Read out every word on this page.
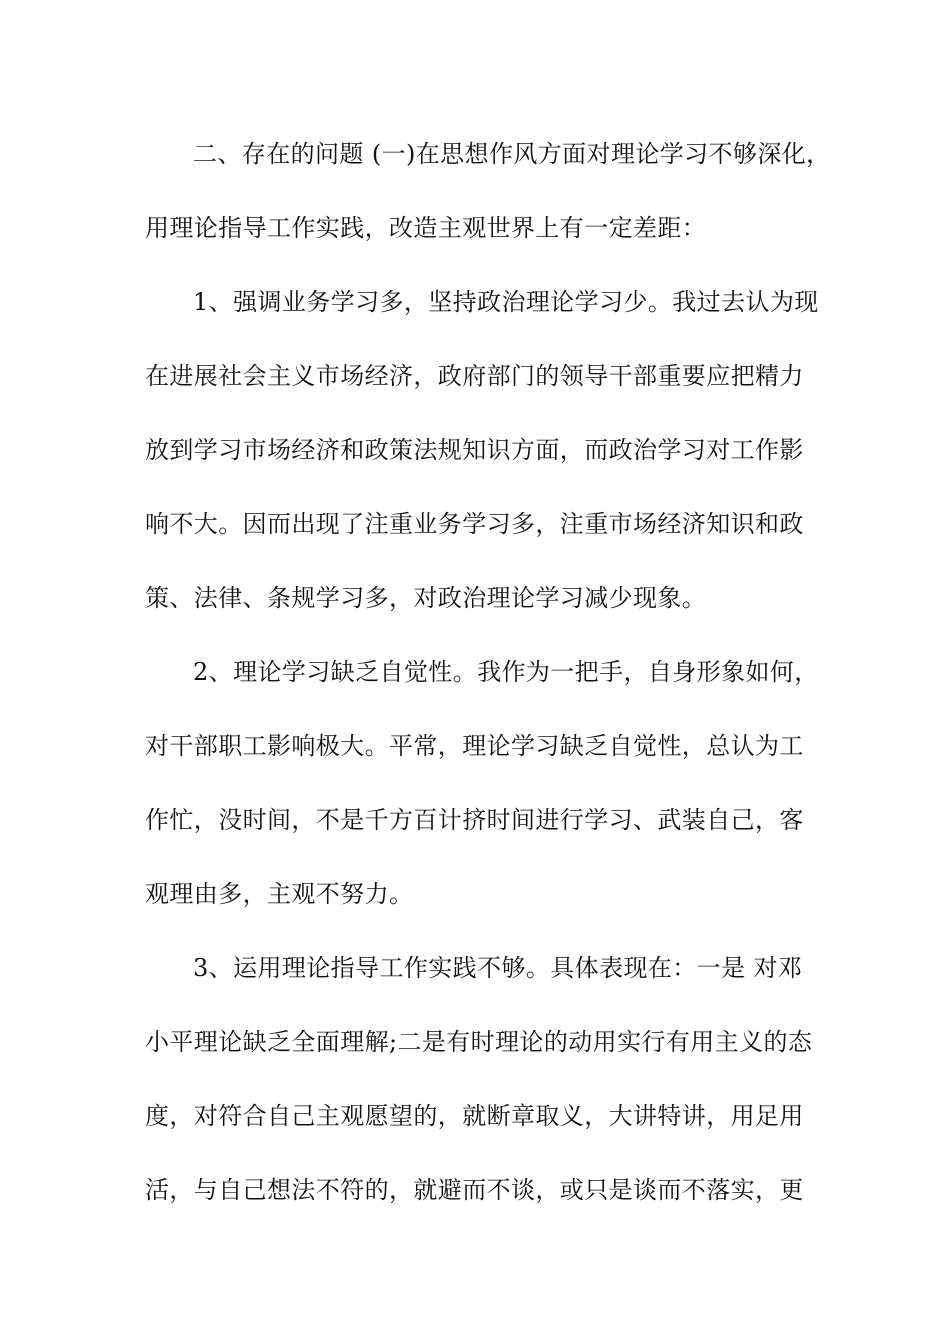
二、存在的问题 (一)在思想作风方面对理论学习不够深化，

用理论指导工作实践，改造主观世界上有一定差距：

1、强调业务学习多，坚持政治理论学习少。我过去认为现

在进展社会主义市场经济，政府部门的领导干部重要应把精力

放到学习市场经济和政策法规知识方面，而政治学习对工作影

响不大。因而出现了注重业务学习多，注重市场经济知识和政

策、法律、条规学习多，对政治理论学习减少现象。

2、理论学习缺乏自觉性。我作为一把手，自身形象如何，

对干部职工影响极大。平常，理论学习缺乏自觉性，总认为工

作忙，没时间，不是千方百计挤时间进行学习、武装自己，客

观理由多，主观不努力。

3、运用理论指导工作实践不够。具体表现在：一是 对邓

小平理论缺乏全面理解;二是有时理论的动用实行有用主义的态

度，对符合自己主观愿望的，就断章取义，大讲特讲，用足用

活，与自己想法不符的，就避而不谈，或只是谈而不落实，更
